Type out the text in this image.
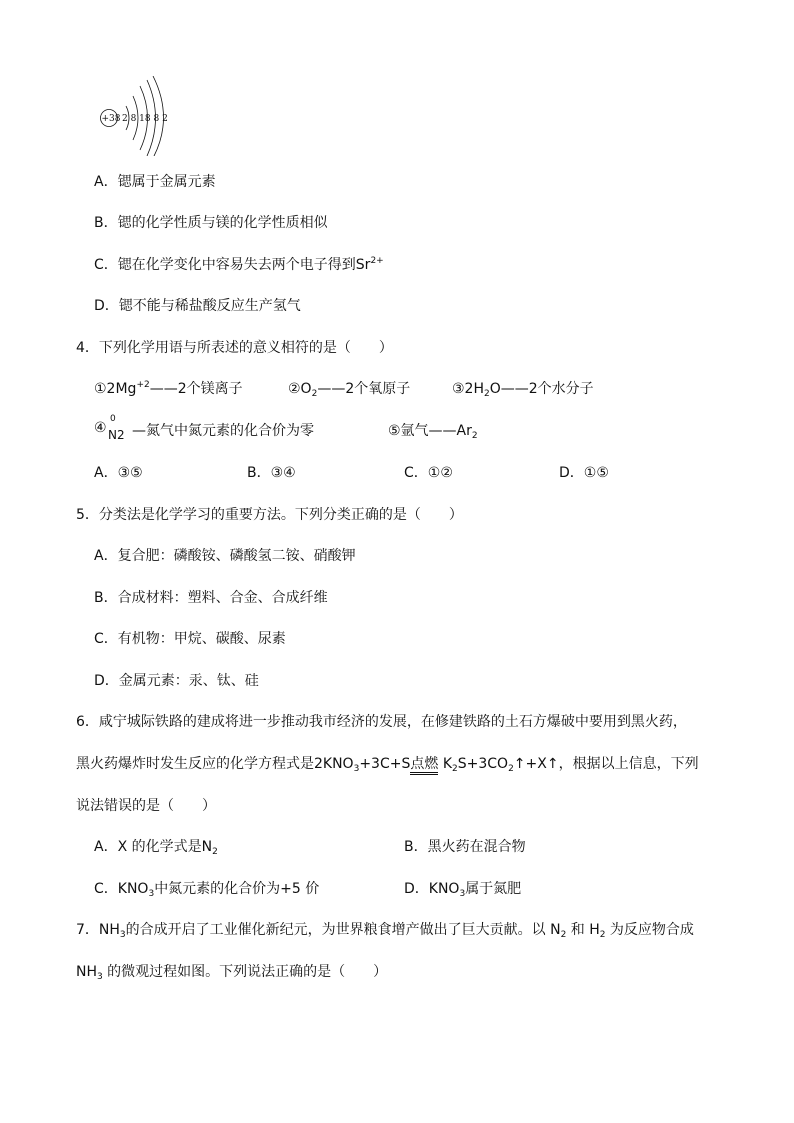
+38 2 8 18 8 2
A．锶属于金属元素
B．锶的化学性质与镁的化学性质相似
C．锶在化学变化中容易失去两个电子得到$Sr^{2+}$
D．锶不能与稀盐酸反应生产氢气
4．下列化学用语与所表述的意义相符的是（　　）
$①2Mg^{+2}——2$个镁离子	$②O_2——2$个氧原子	$③2H_2O——2$个水分子
④
0
N2 —氮气中氮元素的化合价为零	⑤氩气$——Ar_2$
A．③⑤	B．③④	C．①②	D．①⑤
5．分类法是化学学习的重要方法。下列分类正确的是（　　）
A．复合肥：磷酸铵、磷酸氢二铵、硝酸钾
B．合成材料：塑料、合金、合成纤维
C．有机物：甲烷、碳酸、尿素
D．金属元素：汞、钛、硅
6．咸宁城际铁路的建成将进一步推动我市经济的发展，在修建铁路的土石方爆破中要用到黑火药，
黑火药爆炸时发生反应的化学方程式是$2KNO_3+3C+S$点燃 $K_2S+3CO_2↑+X↑$，根据以上信息，下列
说法错误的是（　　）
A．X 的化学式是$N_2$	B．黑火药在混合物
C．$KNO_3$中氮元素的化合价为+5 价	D．$KNO_3$属于氮肥
7．$NH_3$的合成开启了工业催化新纪元，为世界粮食增产做出了巨大贡献。以 $N_2$ 和 $H_2$ 为反应物合成
$NH_3$ 的微观过程如图。下列说法正确的是（　　）
